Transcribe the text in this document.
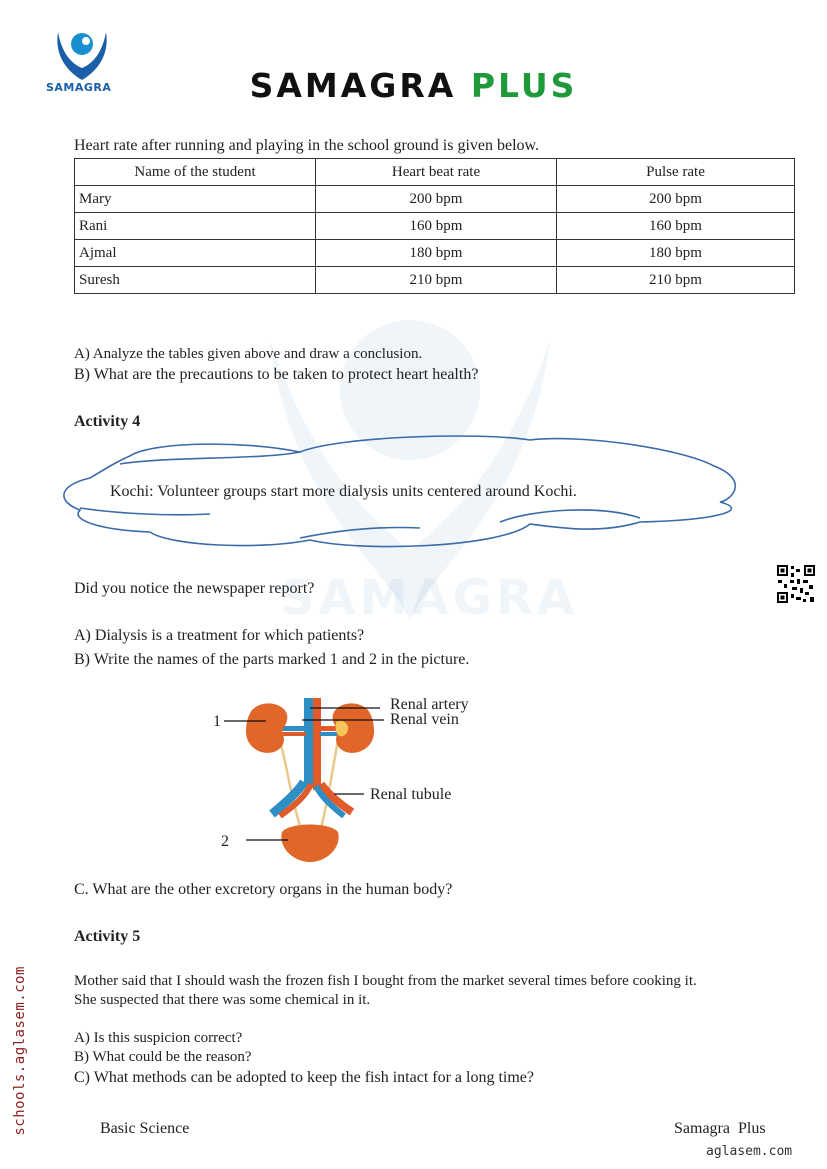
SAMAGRA
SAMAGRA	SAMAGRA PLUS
Heart rate after running and playing in the school ground is given below.
Name of the student	Heart beat rate	Pulse rate
Mary	200 bpm	200 bpm
Rani	160 bpm	160 bpm
Ajmal	180 bpm	180 bpm
Suresh	210 bpm	210 bpm
A) Analyze the tables given above and draw a conclusion.
B) What are the precautions to be taken to protect heart health?
Activity 4
Kochi: Volunteer groups start more dialysis units centered around Kochi.
Did you notice the newspaper report?
A) Dialysis is a treatment for which patients?
B) Write the names of the parts marked 1 and 2 in the picture.
1
Renal artery
Renal vein
Renal tubule
2
C. What are the other excretory organs in the human body?
Activity 5
Mother said that I should wash the frozen fish I bought from the market several times before cooking it.
She suspected that there was some chemical in it.
A) Is this suspicion correct?
B) What could be the reason?
C) What methods can be adopted to keep the fish intact for a long time?
schools.aglasem.com	Basic Science	Samagra  Plus
aglasem.com
